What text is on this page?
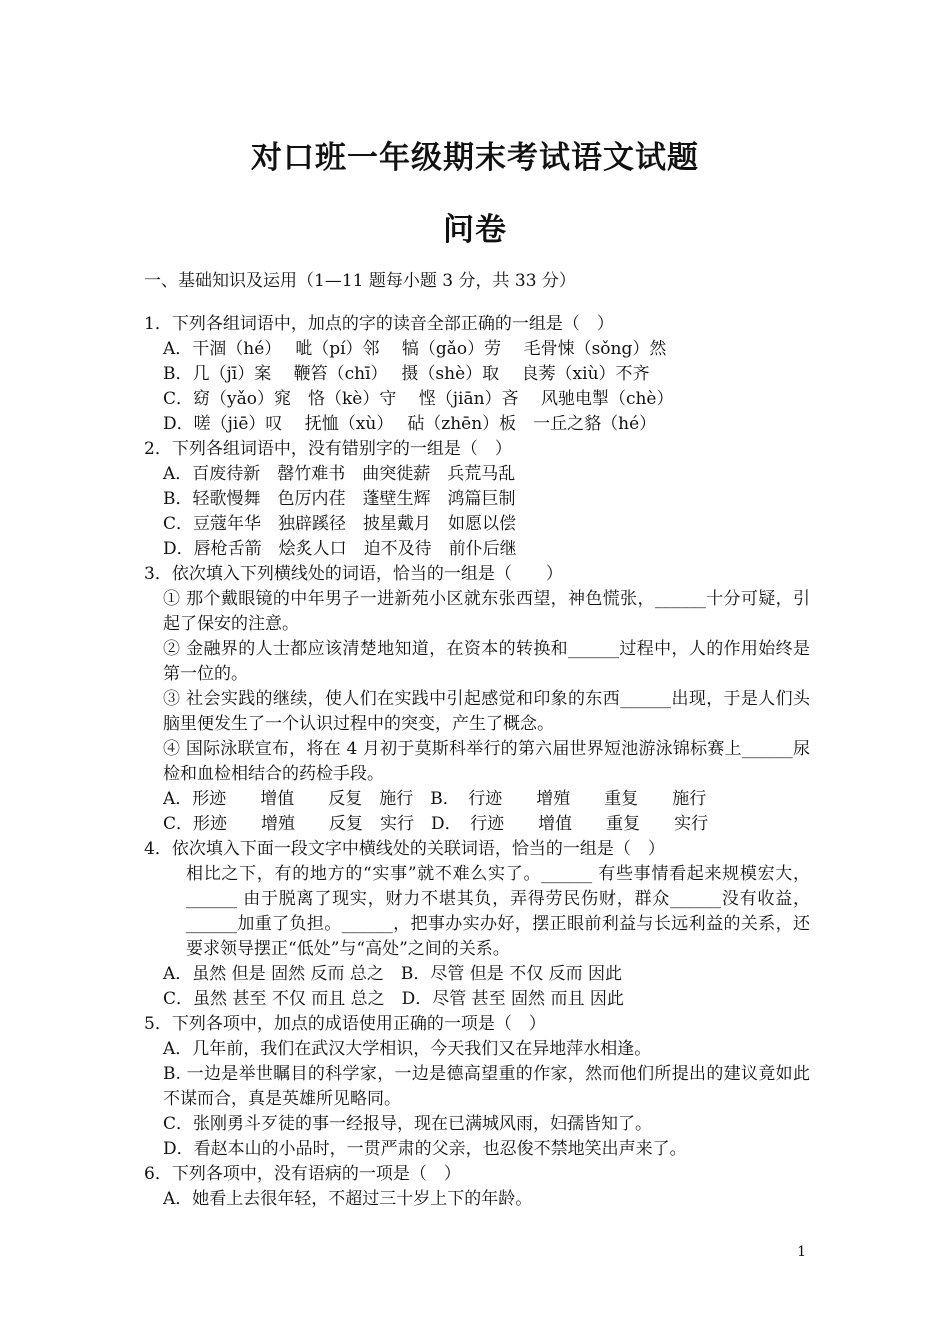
对口班一年级期末考试语文试题
问卷
一、基础知识及运用（1—11 题每小题 3 分，共 33 分）
1．下列各组词语中，加点的字的读音全部正确的一组是（　）
A．干涸（hé）　 呲（pí）邻　 犒（gǎo）劳　 毛骨悚（sǒng）然
B．几（jī）案　 鞭笞（chī）　 摄（shè）取　 良莠（xiù）不齐
C．窈（yǎo）窕　恪（kè）守　 悭（jiān）吝　 风驰电掣（chè）
D．嗟（jiē）叹　 抚恤（xù）　 砧（zhēn）板　一丘之貉（hé）
2．下列各组词语中，没有错别字的一组是（　）
A．百废待新　罄竹难书　曲突徙薪　兵荒马乱
B．轻歌慢舞　色厉内荏　蓬壁生辉　鸿篇巨制
C．豆蔻年华　独辟蹊径　披星戴月　如愿以偿
D．唇枪舌箭　烩炙人口　迫不及待　前仆后继
3．依次填入下列横线处的词语，恰当的一组是（　　）
① 那个戴眼镜的中年男子一进新苑小区就东张西望，神色慌张，______十分可疑，引起了保安的注意。
② 金融界的人士都应该清楚地知道，在资本的转换和______过程中，人的作用始终是第一位的。
③ 社会实践的继续，使人们在实践中引起感觉和印象的东西______出现，于是人们头脑里便发生了一个认识过程中的突变，产生了概念。
④ 国际泳联宣布，将在 4 月初于莫斯科举行的第六届世界短池游泳锦标赛上______尿检和血检相结合的药检手段。
A．形迹　　增值　　反复　施行　B．　行迹　　增殖　　重复　　施行
C．形迹　　增殖　　反复　实行　D．　行迹　　增值　　重复　　实行
4．依次填入下面一段文字中横线处的关联词语，恰当的一组是（　）
相比之下，有的地方的“实事”就不难么实了。______ 有些事情看起来规模宏大，______ 由于脱离了现实，财力不堪其负，弄得劳民伤财，群众______没有收益，______加重了负担。______，把事办实办好，摆正眼前利益与长远利益的关系，还要求领导摆正“低处”与“高处”之间的关系。
A．虽然 但是 固然 反而 总之　B．尽管 但是 不仅 反而 因此
C．虽然 甚至 不仅 而且 总之　D．尽管 甚至 固然 而且 因此
5．下列各项中，加点的成语使用正确的一项是（　）
A．几年前，我们在武汉大学相识，今天我们又在异地萍水相逢。
B. 一边是举世瞩目的科学家，一边是德高望重的作家，然而他们所提出的建议竟如此不谋而合，真是英雄所见略同。
C．张刚勇斗歹徒的事一经报导，现在已满城风雨，妇孺皆知了。
D．看赵本山的小品时，一贯严肃的父亲，也忍俊不禁地笑出声来了。
6．下列各项中，没有语病的一项是（　）
A．她看上去很年轻，不超过三十岁上下的年龄。
1
